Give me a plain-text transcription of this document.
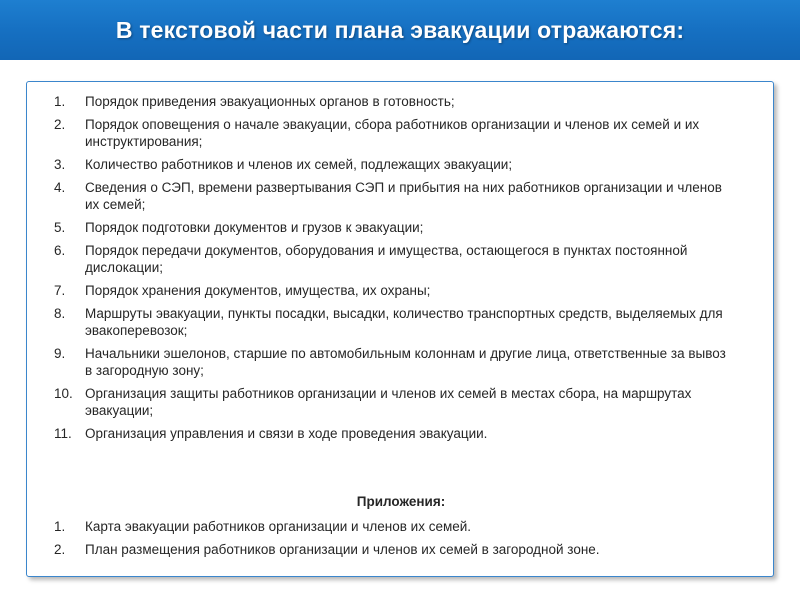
В текстовой части плана эвакуации отражаются:
1. Порядок приведения эвакуационных органов в готовность;
2. Порядок оповещения о начале эвакуации, сбора работников организации и членов их семей и их инструктирования;
3. Количество работников и членов их семей, подлежащих эвакуации;
4. Сведения о СЭП, времени развертывания СЭП и прибытия на них работников организации и членов их семей;
5. Порядок подготовки документов и грузов к эвакуации;
6. Порядок передачи документов, оборудования и имущества, остающегося в пунктах постоянной дислокации;
7. Порядок хранения документов, имущества, их охраны;
8. Маршруты эвакуации, пункты посадки, высадки, количество транспортных средств, выделяемых для эвакоперевозок;
9. Начальники эшелонов, старшие по автомобильным колоннам и другие лица, ответственные за вывоз в загородную зону;
10. Организация защиты работников организации и членов их семей в местах сбора, на маршрутах эвакуации;
11. Организация управления и связи в ходе проведения эвакуации.
Приложения:
1. Карта эвакуации работников организации и членов их семей.
2. План размещения работников организации и членов их семей в загородной зоне.
